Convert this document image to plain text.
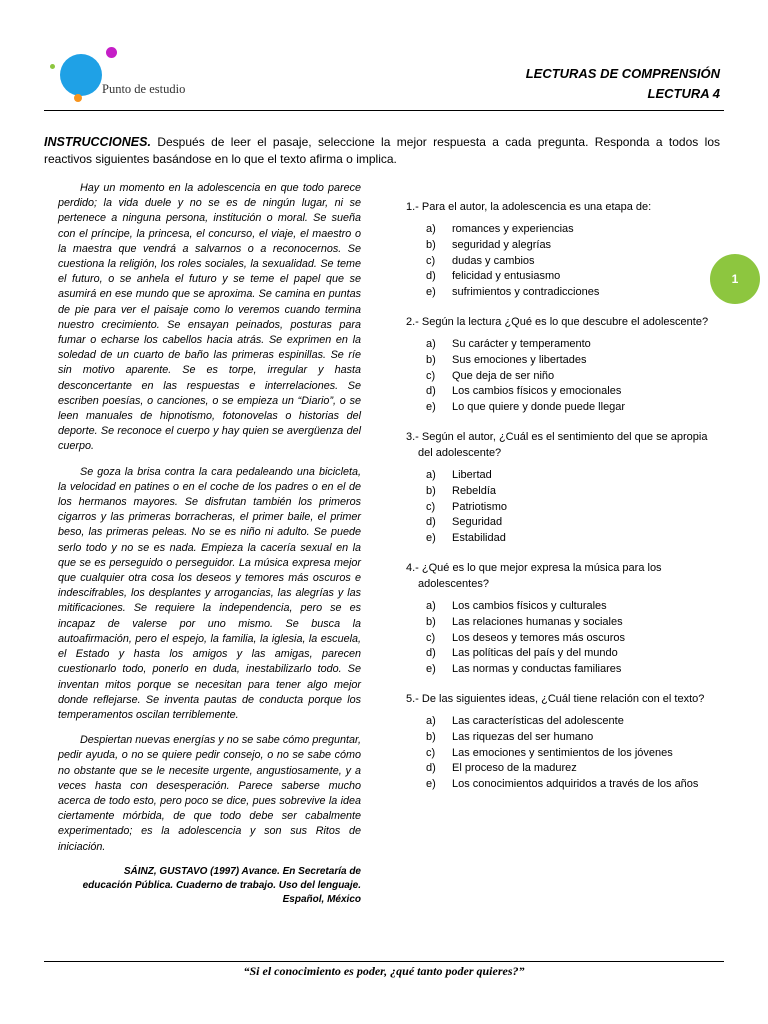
Punto de estudio
LECTURAS DE COMPRENSIÓN
LECTURA 4
INSTRUCCIONES. Después de leer el pasaje, seleccione la mejor respuesta a cada pregunta. Responda a todos los reactivos siguientes basándose en lo que el texto afirma o implica.

Hay un momento en la adolescencia en que todo parece perdido; la vida duele y no se es de ningún lugar, ni se pertenece a ninguna persona, institución o moral. Se sueña con el príncipe, la princesa, el concurso, el viaje, el maestro o la maestra que vendrá a salvarnos o a reconocernos. Se cuestiona la religión, los roles sociales, la sexualidad. Se teme el futuro, o se anhela el futuro y se teme el papel que se asumirá en ese mundo que se aproxima. Se camina en puntas de pie para ver el paisaje como lo veremos cuando termina nuestro crecimiento. Se ensayan peinados, posturas para fumar o echarse los cabellos hacia atrás. Se exprimen en la soledad de un cuarto de baño las primeras espinillas. Se ríe sin motivo aparente. Se es torpe, irregular y hasta desconcertante en las respuestas e interrelaciones. Se escriben poesías, o canciones, o se empieza un “Diario”, o se leen manuales de hipnotismo, fotonovelas o historias del deporte. Se reconoce el cuerpo y hay quien se avergüenza del cuerpo.

Se goza la brisa contra la cara pedaleando una bicicleta, la velocidad en patines o en el coche de los padres o en el de los hermanos mayores. Se disfrutan también los primeros cigarros y las primeras borracheras, el primer baile, el primer beso, las primeras peleas. No se es niño ni adulto. Se puede serlo todo y no se es nada. Empieza la cacería sexual en la que se es perseguido o perseguidor. La música expresa mejor que cualquier otra cosa los deseos y temores más oscuros e indescifrables, los desplantes y arrogancias, las alegrías y las mitificaciones. Se requiere la independencia, pero se es incapaz de valerse por uno mismo. Se busca la autoafirmación, pero el espejo, la familia, la iglesia, la escuela, el Estado y hasta los amigos y las amigas, parecen cuestionarlo todo, ponerlo en duda, inestabilizarlo todo. Se inventan mitos porque se necesitan para tener algo mejor donde reflejarse. Se inventa pautas de conducta porque los temperamentos oscilan terriblemente.

Despiertan nuevas energías y no se sabe cómo preguntar, pedir ayuda, o no se quiere pedir consejo, o no se sabe cómo no obstante que se le necesite urgente, angustiosamente, y a veces hasta con desesperación. Parece saberse mucho acerca de todo esto, pero poco se dice, pues sobrevive la idea ciertamente mórbida, de que todo debe ser cabalmente experimentado; es la adolescencia y son sus Ritos de iniciación.

SÁINZ, GUSTAVO (1997) Avance. En Secretaría de
educación Pública. Cuaderno de trabajo. Uso del lenguaje.
Español, México
1.- Para el autor, la adolescencia es una etapa de:
a)	romances y experiencias
b)	seguridad y alegrías
c)	dudas y cambios
d)	felicidad y entusiasmo
e)	sufrimientos y contradicciones
2.- Según la lectura ¿Qué es lo que descubre el adolescente?
a)	Su carácter y temperamento
b)	Sus emociones y libertades
c)	Que deja de ser niño
d)	Los cambios físicos y emocionales
e)	Lo que quiere y donde puede llegar
3.- Según el autor, ¿Cuál es el sentimiento del que se apropia del adolescente?
a)	Libertad
b)	Rebeldía
c)	Patriotismo
d)	Seguridad
e)	Estabilidad
4.- ¿Qué es lo que mejor expresa la música para los adolescentes?
a)	Los cambios físicos y culturales
b)	Las relaciones humanas y sociales
c)	Los deseos y temores más oscuros
d)	Las políticas del país y del mundo
e)	Las normas y conductas familiares
5.- De las siguientes ideas, ¿Cuál tiene relación con el texto?
a)	Las características del adolescente
b)	Las riquezas del ser humano
c)	Las emociones y sentimientos de los jóvenes
d)	El proceso de la madurez
e)	Los conocimientos adquiridos a través de los años
1
“Si el conocimiento es poder, ¿qué tanto poder quieres?”
